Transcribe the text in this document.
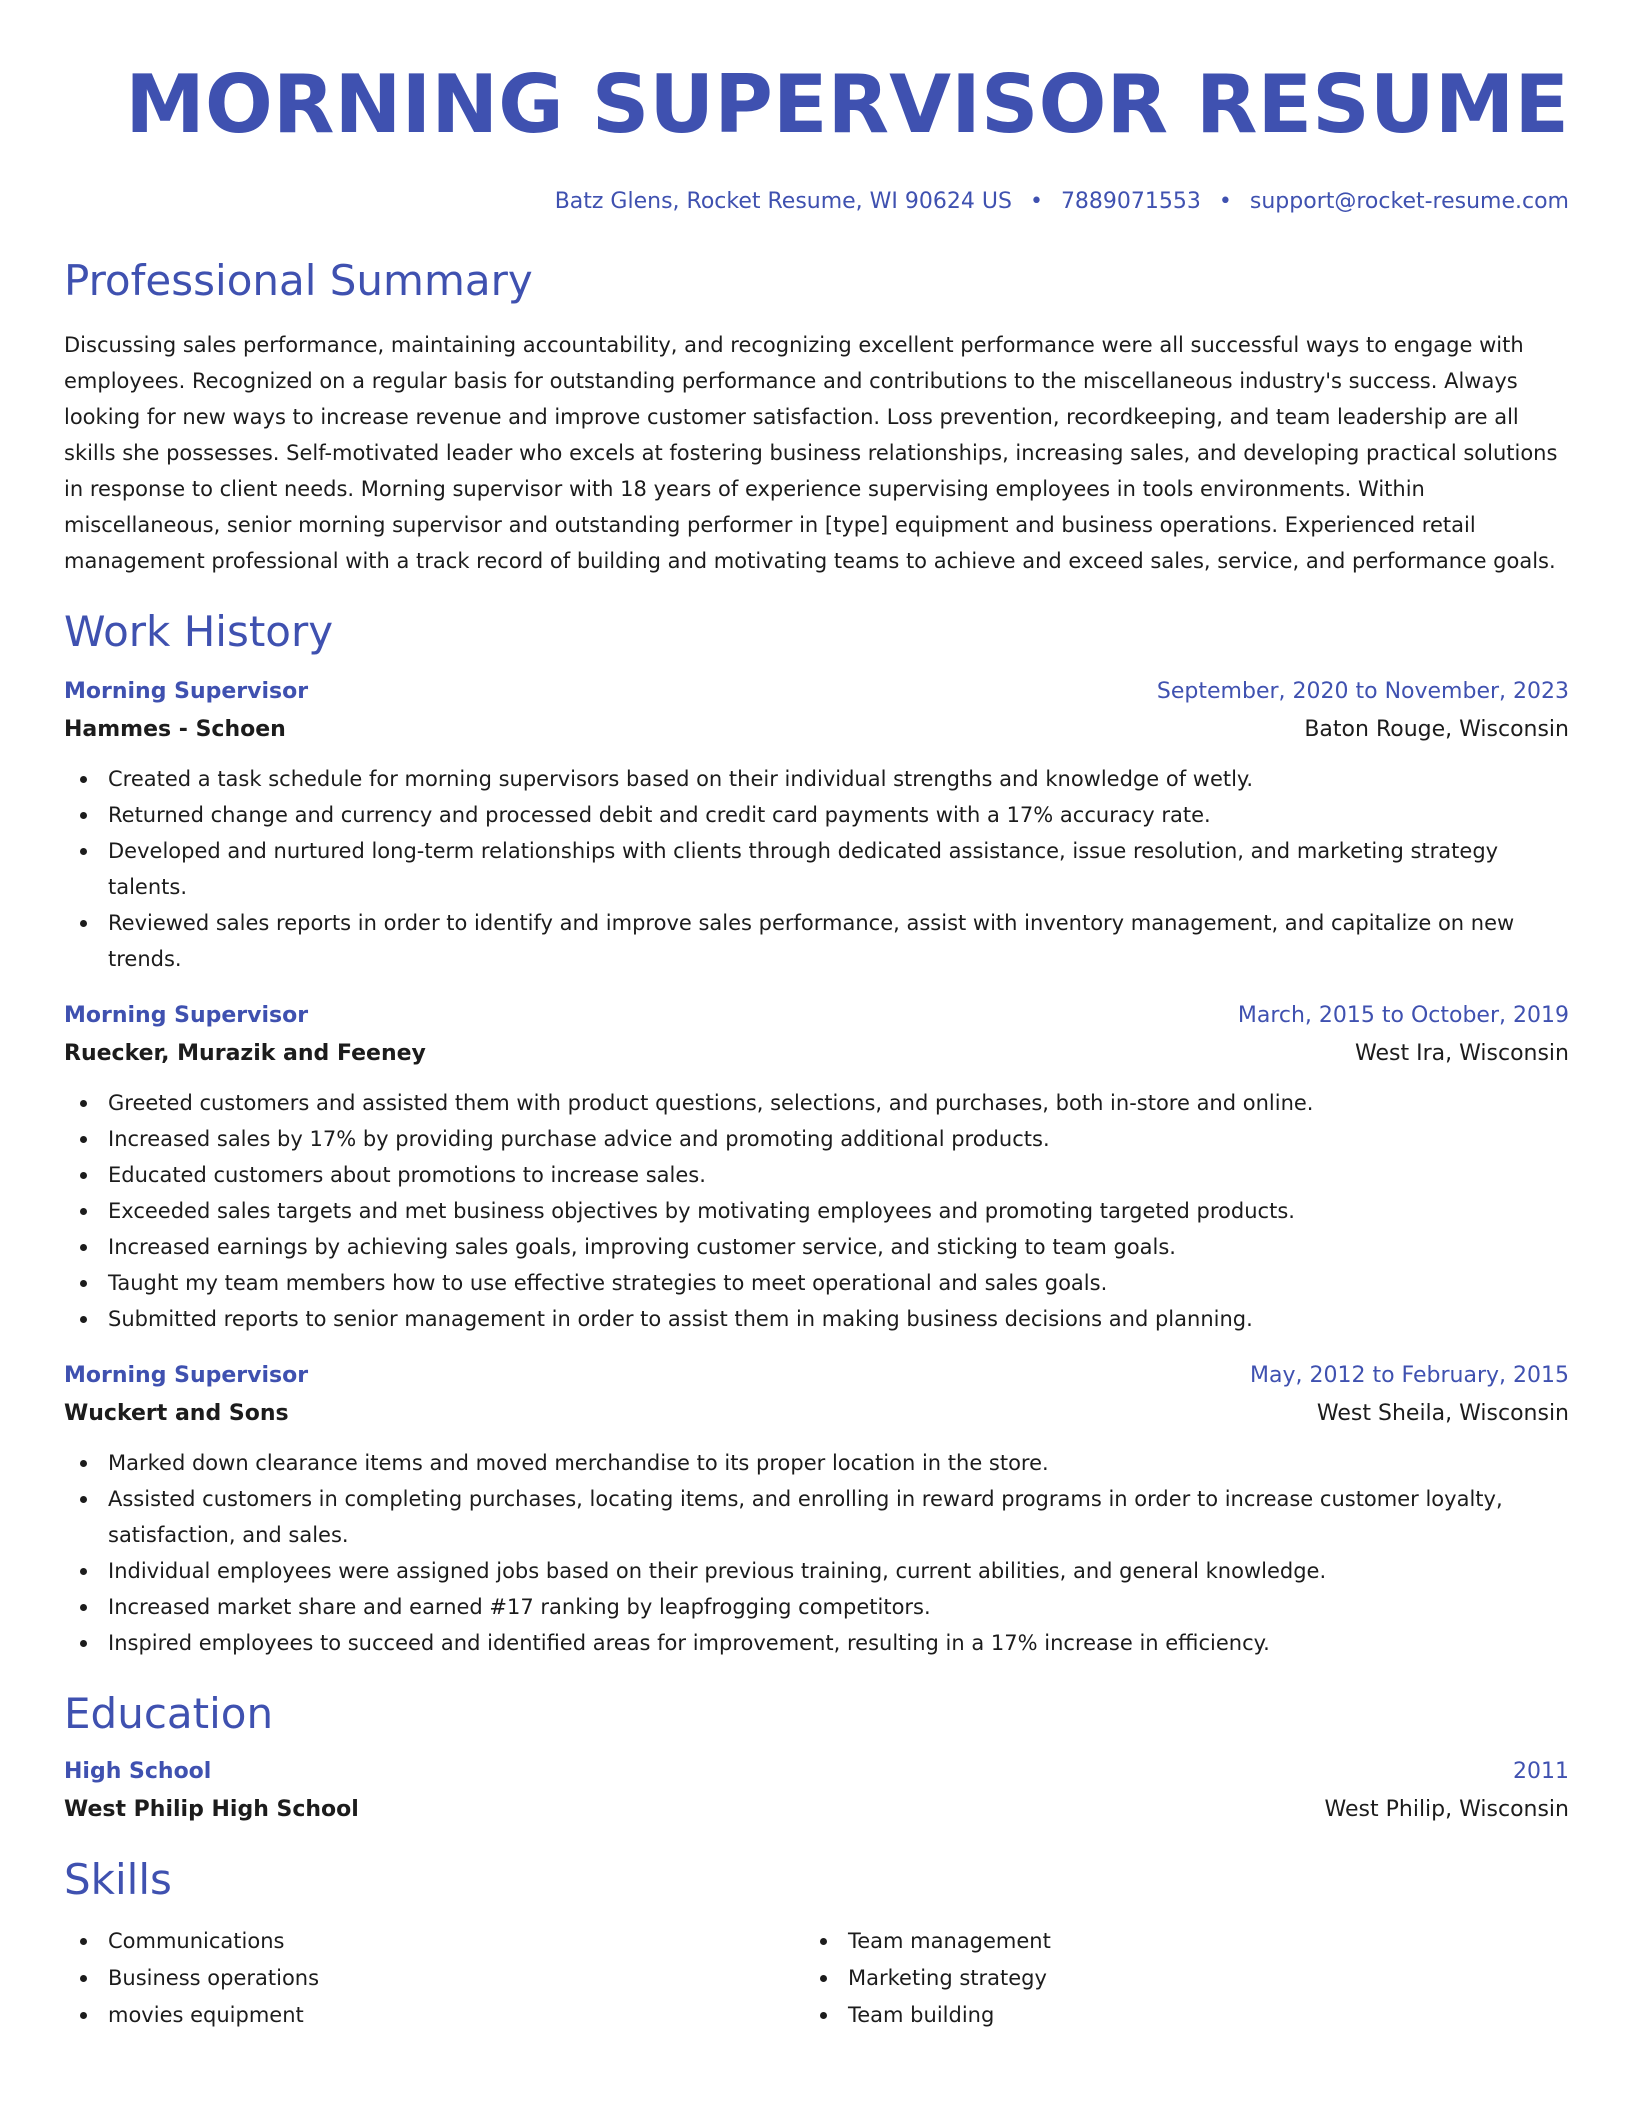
MORNING SUPERVISOR RESUME
Batz Glens, Rocket Resume, WI 90624 US • 7889071553 • support@rocket-resume.com
Professional Summary

Discussing sales performance, maintaining accountability, and recognizing excellent performance were all successful ways to engage with employees. Recognized on a regular basis for outstanding performance and contributions to the miscellaneous industry's success. Always looking for new ways to increase revenue and improve customer satisfaction. Loss prevention, recordkeeping, and team leadership are all skills she possesses. Self-motivated leader who excels at fostering business relationships, increasing sales, and developing practical solutions in response to client needs. Morning supervisor with 18 years of experience supervising employees in tools environments. Within miscellaneous, senior morning supervisor and outstanding performer in [type] equipment and business operations. Experienced retail management professional with a track record of building and motivating teams to achieve and exceed sales, service, and performance goals.

Work History
Morning Supervisor	September, 2020 to November, 2023
Hammes - Schoen	Baton Rouge, Wisconsin
Created a task schedule for morning supervisors based on their individual strengths and knowledge of wetly.
Returned change and currency and processed debit and credit card payments with a 17% accuracy rate.
Developed and nurtured long-term relationships with clients through dedicated assistance, issue resolution, and marketing strategy talents.
Reviewed sales reports in order to identify and improve sales performance, assist with inventory management, and capitalize on new trends.
Morning Supervisor	March, 2015 to October, 2019
Ruecker, Murazik and Feeney	West Ira, Wisconsin
Greeted customers and assisted them with product questions, selections, and purchases, both in-store and online.
Increased sales by 17% by providing purchase advice and promoting additional products.
Educated customers about promotions to increase sales.
Exceeded sales targets and met business objectives by motivating employees and promoting targeted products.
Increased earnings by achieving sales goals, improving customer service, and sticking to team goals.
Taught my team members how to use effective strategies to meet operational and sales goals.
Submitted reports to senior management in order to assist them in making business decisions and planning.
Morning Supervisor	May, 2012 to February, 2015
Wuckert and Sons	West Sheila, Wisconsin
Marked down clearance items and moved merchandise to its proper location in the store.
Assisted customers in completing purchases, locating items, and enrolling in reward programs in order to increase customer loyalty, satisfaction, and sales.
Individual employees were assigned jobs based on their previous training, current abilities, and general knowledge.
Increased market share and earned #17 ranking by leapfrogging competitors.
Inspired employees to succeed and identified areas for improvement, resulting in a 17% increase in efficiency.
Education
High School	2011
West Philip High School	West Philip, Wisconsin
Skills
Communications
Business operations
movies equipment
Team management
Marketing strategy
Team building
